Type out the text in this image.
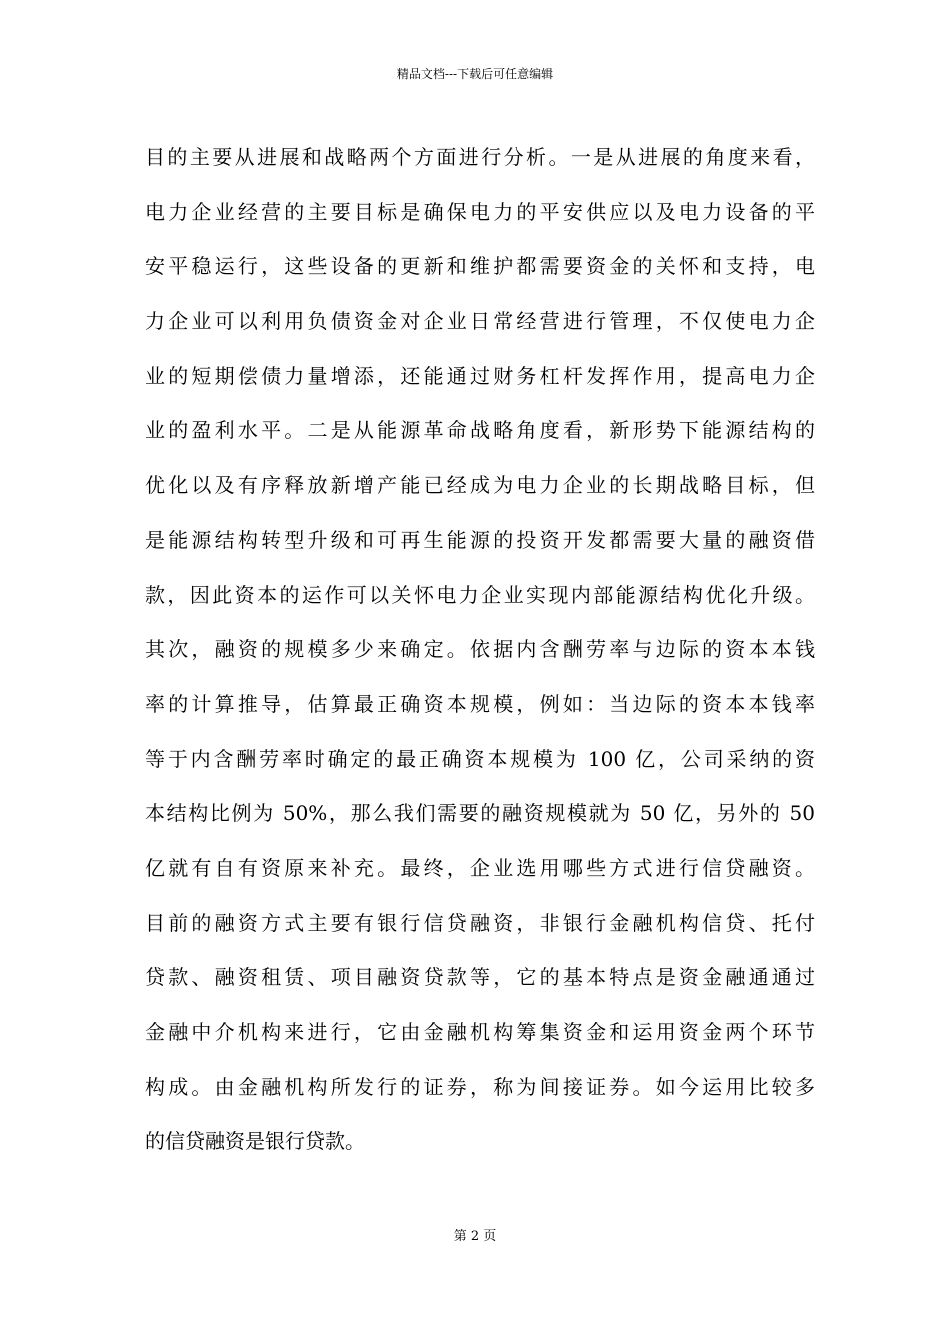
精品文档---下载后可任意编辑
目的主要从进展和战略两个方面进行分析。一是从进展的角度来看，
电力企业经营的主要目标是确保电力的平安供应以及电力设备的平
安平稳运行，这些设备的更新和维护都需要资金的关怀和支持，电
力企业可以利用负债资金对企业日常经营进行管理，不仅使电力企
业的短期偿债力量增添，还能通过财务杠杆发挥作用，提高电力企
业的盈利水平。二是从能源革命战略角度看，新形势下能源结构的
优化以及有序释放新增产能已经成为电力企业的长期战略目标，但
是能源结构转型升级和可再生能源的投资开发都需要大量的融资借
款，因此资本的运作可以关怀电力企业实现内部能源结构优化升级。
其次，融资的规模多少来确定。依据内含酬劳率与边际的资本本钱
率的计算推导，估算最正确资本规模，例如：当边际的资本本钱率
等于内含酬劳率时确定的最正确资本规模为 100 亿，公司采纳的资
本结构比例为 50%，那么我们需要的融资规模就为 50 亿，另外的 50
亿就有自有资原来补充。最终，企业选用哪些方式进行信贷融资。
目前的融资方式主要有银行信贷融资，非银行金融机构信贷、托付
贷款、融资租赁、项目融资贷款等，它的基本特点是资金融通通过
金融中介机构来进行，它由金融机构筹集资金和运用资金两个环节
构成。由金融机构所发行的证券，称为间接证券。如今运用比较多
的信贷融资是银行贷款。
第 2 页
